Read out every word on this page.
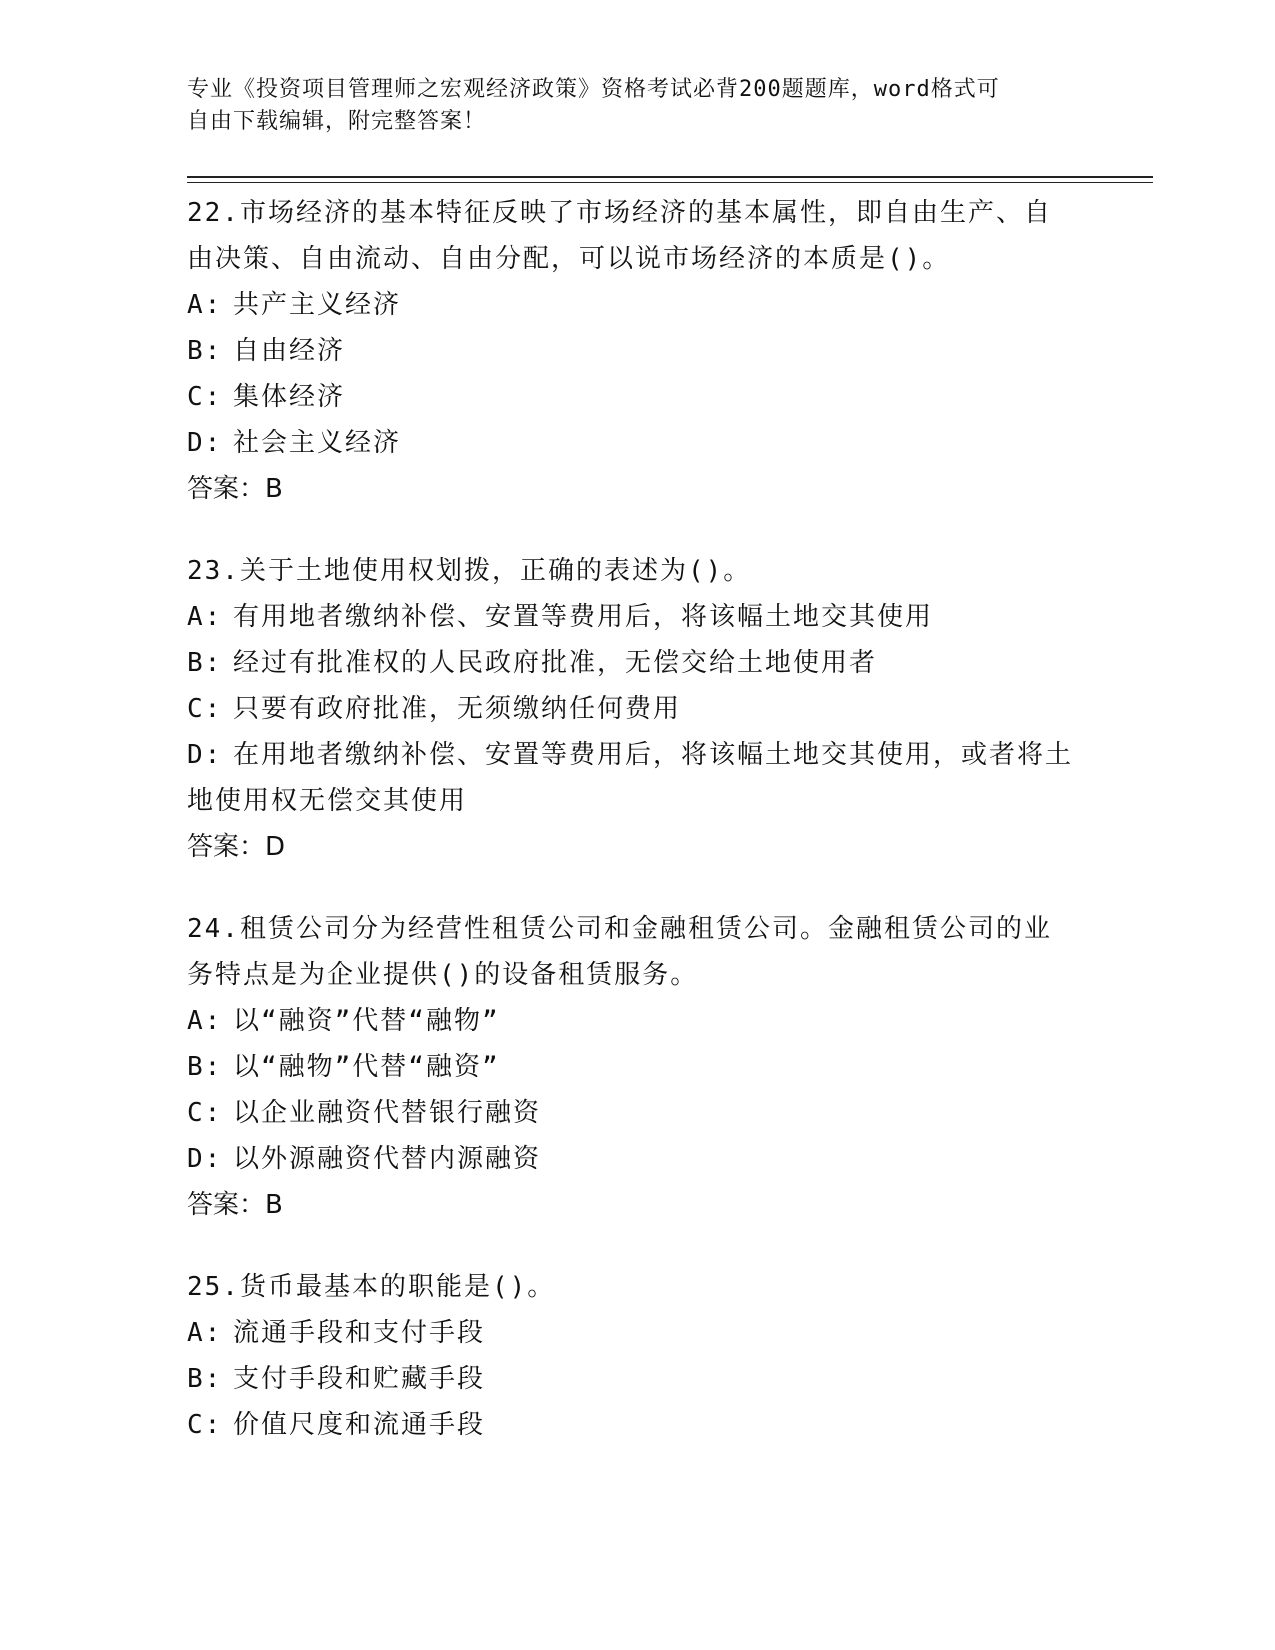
专业《投资项目管理师之宏观经济政策》资格考试必背200题题库，word格式可
自由下载编辑，附完整答案！

22.市场经济的基本特征反映了市场经济的基本属性，即自由生产、自由决策、自由流动、自由分配，可以说市场经济的本质是()。

A: 共产主义经济

B: 自由经济

C: 集体经济

D: 社会主义经济

答案：B

23.关于土地使用权划拨，正确的表述为()。

A: 有用地者缴纳补偿、安置等费用后，将该幅土地交其使用

B: 经过有批准权的人民政府批准，无偿交给土地使用者

C: 只要有政府批准，无须缴纳任何费用

D: 在用地者缴纳补偿、安置等费用后，将该幅土地交其使用，或者将土地使用权无偿交其使用

答案：D

24.租赁公司分为经营性租赁公司和金融租赁公司。金融租赁公司的业务特点是为企业提供()的设备租赁服务。

A: 以“融资”代替“融物”

B: 以“融物”代替“融资”

C: 以企业融资代替银行融资

D: 以外源融资代替内源融资

答案：B

25.货币最基本的职能是()。

A: 流通手段和支付手段

B: 支付手段和贮藏手段

C: 价值尺度和流通手段
